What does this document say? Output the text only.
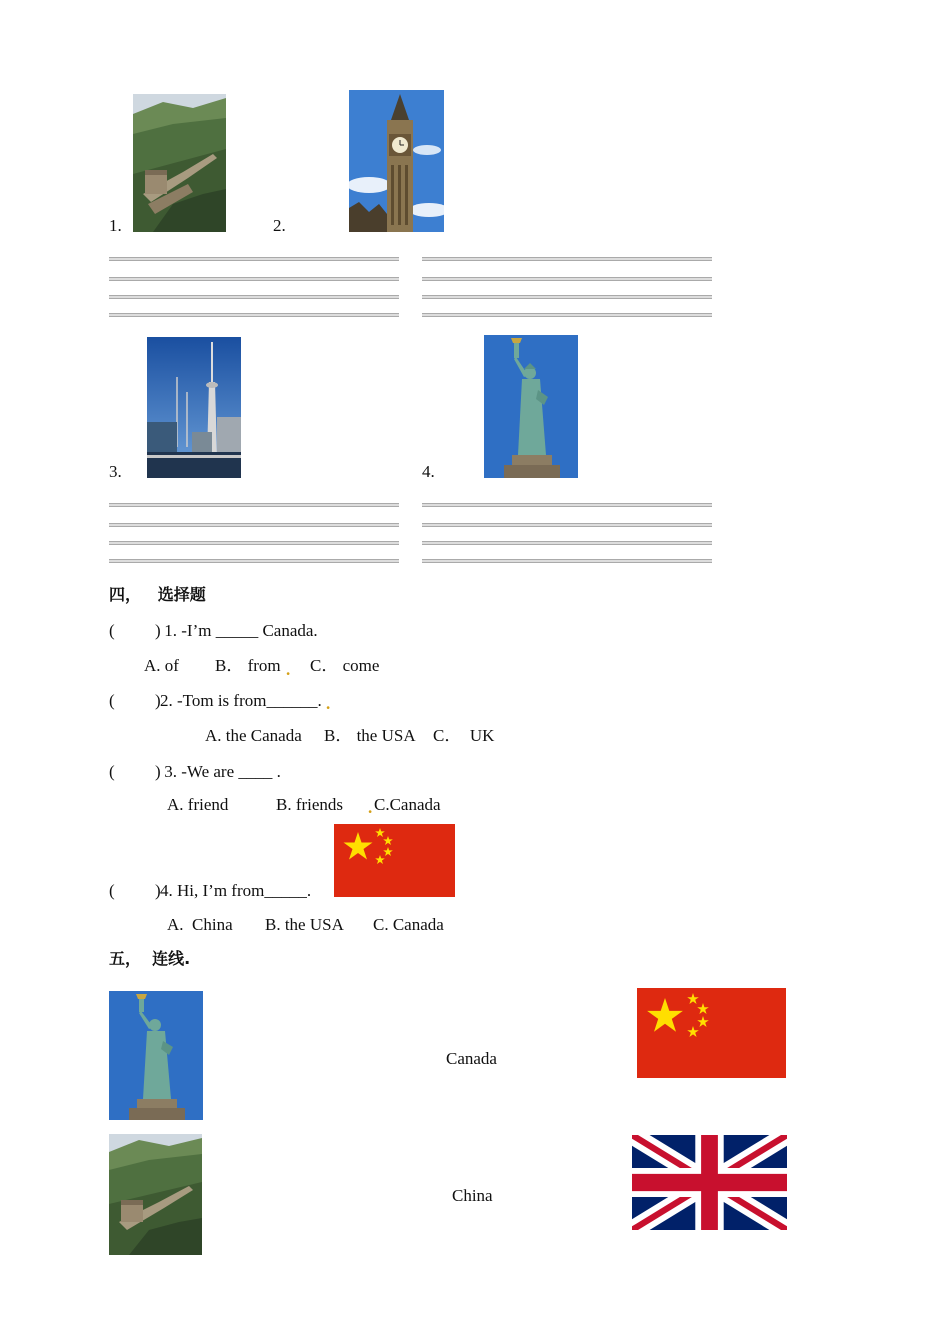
1.	2.
3.	4.
四，   选择题
( ) 1. -I’m _____ Canada.
A. of B． from . C． come
( ) 2. -Tom is from______. .
A. the Canada B． the USA C．  UK
( ) 3. -We are ____ .
A. friend	B. friends . C.Canada
( ) 4. Hi, I’m from_____.
A.  China B. the USA C. Canada
五，  连线.
Canada
China
